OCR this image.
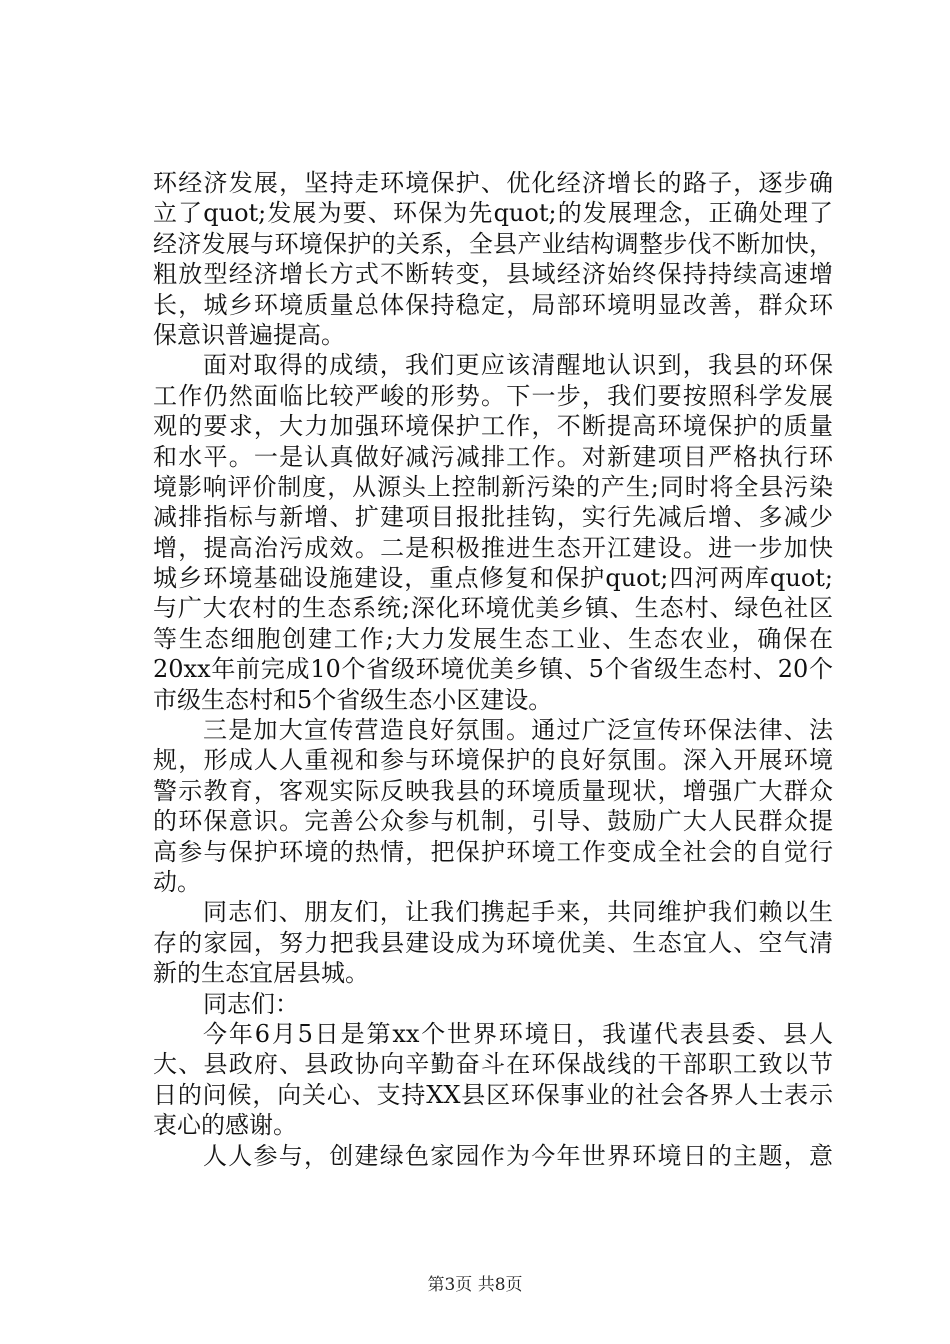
环经济发展，坚持走环境保护、优化经济增长的路子，逐步确
立了quot;发展为要、环保为先quot;的发展理念，正确处理了
经济发展与环境保护的关系，全县产业结构调整步伐不断加快，
粗放型经济增长方式不断转变，县域经济始终保持持续高速增
长，城乡环境质量总体保持稳定，局部环境明显改善，群众环
保意识普遍提高。
面对取得的成绩，我们更应该清醒地认识到，我县的环保
工作仍然面临比较严峻的形势。下一步，我们要按照科学发展
观的要求，大力加强环境保护工作，不断提高环境保护的质量
和水平。一是认真做好减污减排工作。对新建项目严格执行环
境影响评价制度，从源头上控制新污染的产生;同时将全县污染
减排指标与新增、扩建项目报批挂钩，实行先减后增、多减少
增，提高治污成效。二是积极推进生态开江建设。进一步加快
城乡环境基础设施建设，重点修复和保护quot;四河两库quot;
与广大农村的生态系统;深化环境优美乡镇、生态村、绿色社区
等生态细胞创建工作;大力发展生态工业、生态农业，确保在
20xx年前完成10个省级环境优美乡镇、5个省级生态村、20个
市级生态村和5个省级生态小区建设。
三是加大宣传营造良好氛围。通过广泛宣传环保法律、法
规，形成人人重视和参与环境保护的良好氛围。深入开展环境
警示教育，客观实际反映我县的环境质量现状，增强广大群众
的环保意识。完善公众参与机制，引导、鼓励广大人民群众提
高参与保护环境的热情，把保护环境工作变成全社会的自觉行
动。
同志们、朋友们，让我们携起手来，共同维护我们赖以生
存的家园，努力把我县建设成为环境优美、生态宜人、空气清
新的生态宜居县城。
同志们：
今年6月5日是第xx个世界环境日，我谨代表县委、县人
大、县政府、县政协向辛勤奋斗在环保战线的干部职工致以节
日的问候，向关心、支持XX县区环保事业的社会各界人士表示
衷心的感谢。
人人参与，创建绿色家园作为今年世界环境日的主题，意
第3页 共8页
